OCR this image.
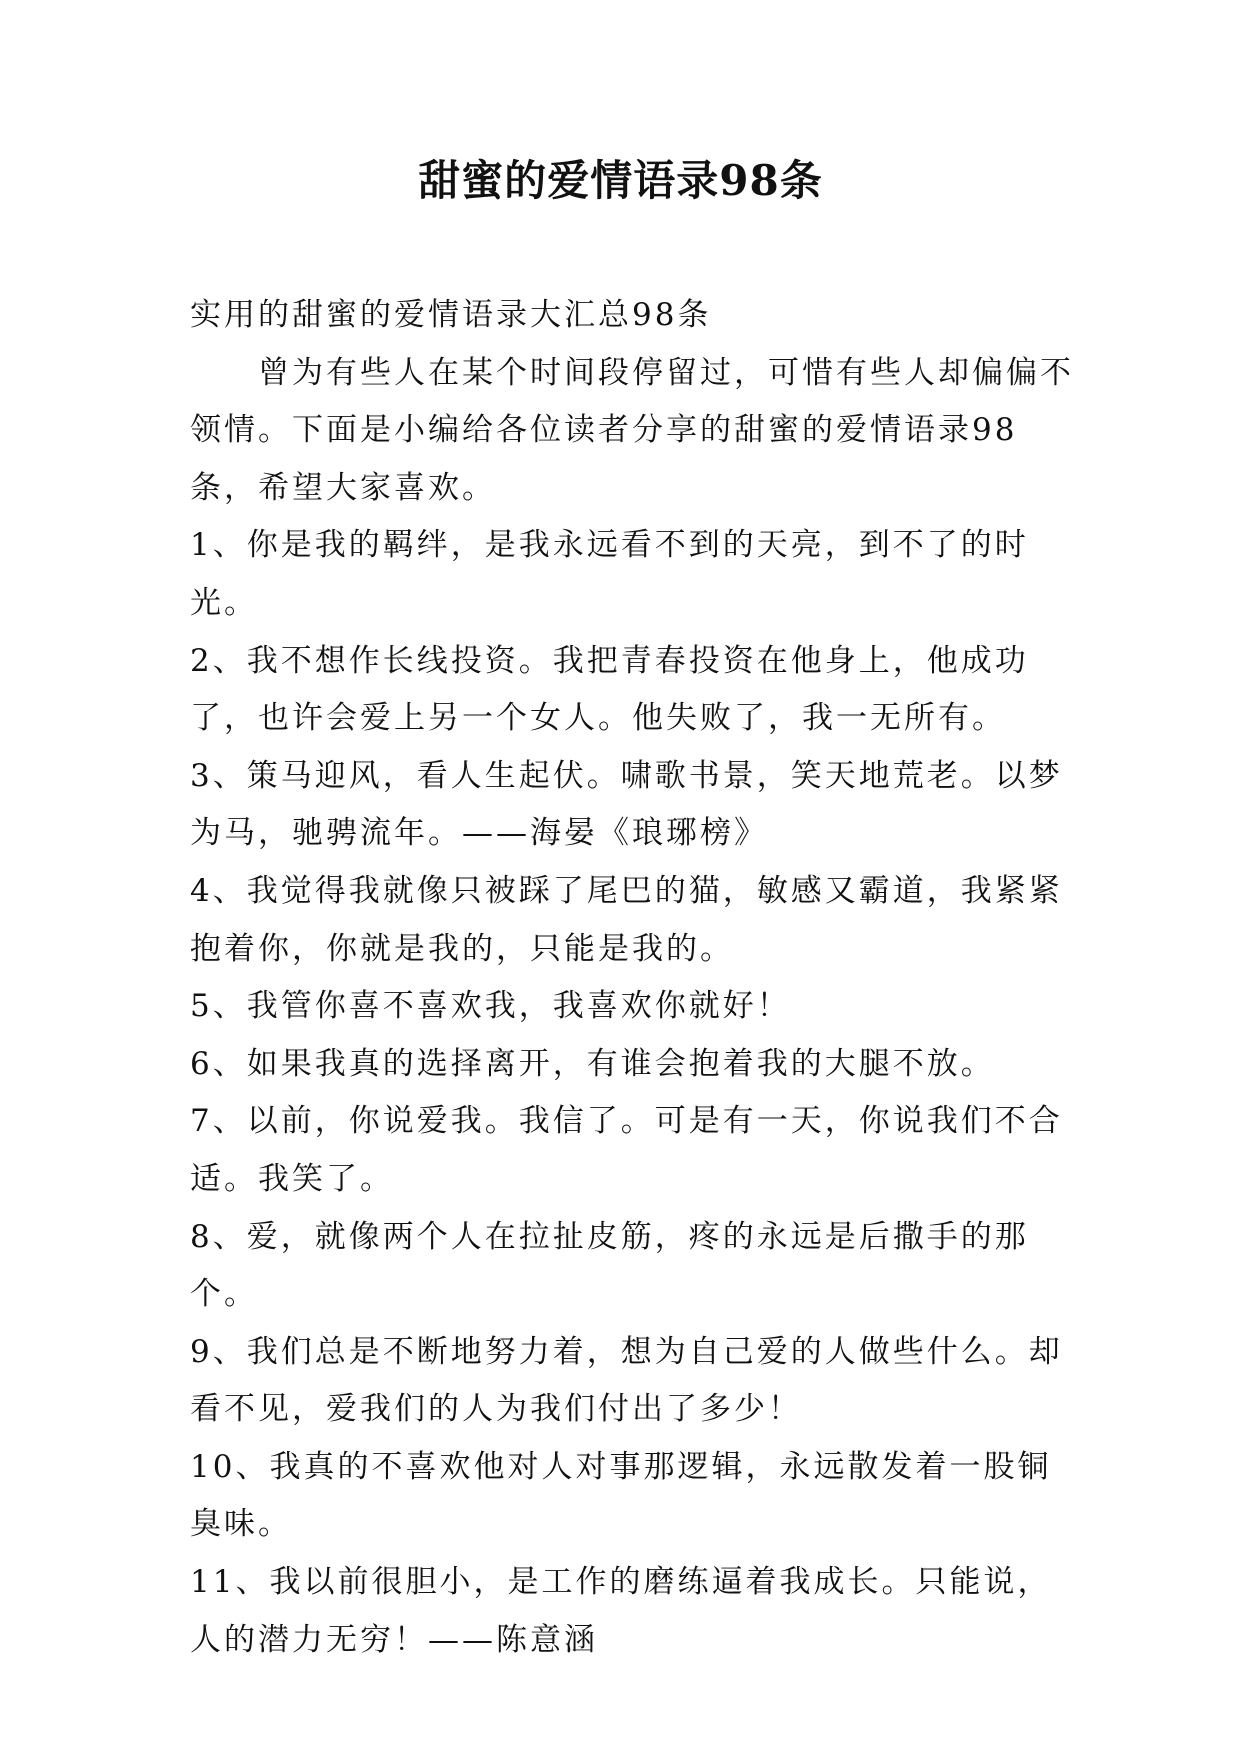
甜蜜的爱情语录98条

实用的甜蜜的爱情语录大汇总98条

曾为有些人在某个时间段停留过，可惜有些人却偏偏不领情。下面是小编给各位读者分享的甜蜜的爱情语录98条，希望大家喜欢。

1、你是我的羁绊，是我永远看不到的天亮，到不了的时光。

2、我不想作长线投资。我把青春投资在他身上，他成功了，也许会爱上另一个女人。他失败了，我一无所有。

3、策马迎风，看人生起伏。啸歌书景，笑天地荒老。以梦为马，驰骋流年。——海晏《琅琊榜》

4、我觉得我就像只被踩了尾巴的猫，敏感又霸道，我紧紧抱着你，你就是我的，只能是我的。

5、我管你喜不喜欢我，我喜欢你就好！

6、如果我真的选择离开，有谁会抱着我的大腿不放。

7、以前，你说爱我。我信了。可是有一天，你说我们不合适。我笑了。

8、爱，就像两个人在拉扯皮筋，疼的永远是后撒手的那个。

9、我们总是不断地努力着，想为自己爱的人做些什么。却看不见，爱我们的人为我们付出了多少！

10、我真的不喜欢他对人对事那逻辑，永远散发着一股铜臭味。

11、我以前很胆小，是工作的磨练逼着我成长。只能说，人的潜力无穷！——陈意涵
